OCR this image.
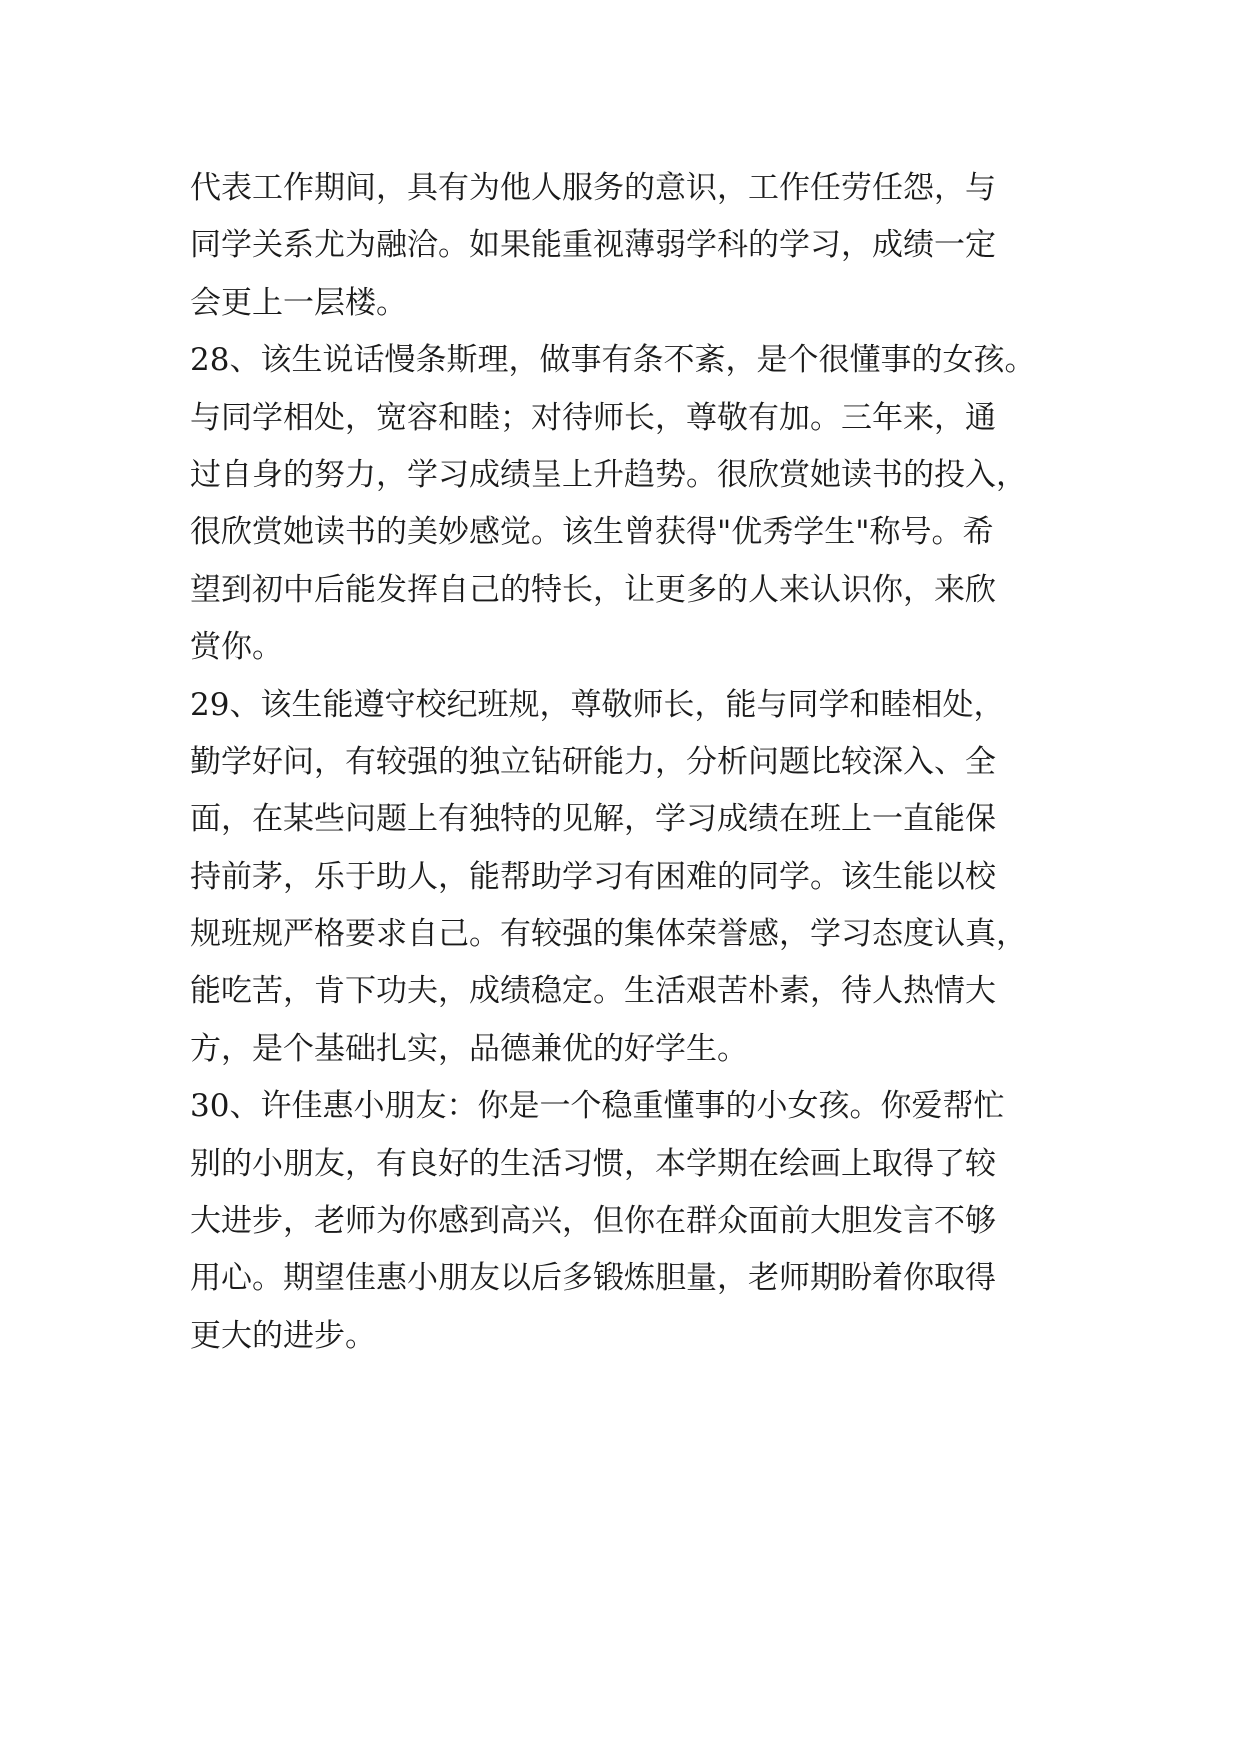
代表工作期间，具有为他人服务的意识，工作任劳任怨，与
同学关系尤为融洽。如果能重视薄弱学科的学习，成绩一定
会更上一层楼。
28、该生说话慢条斯理，做事有条不紊，是个很懂事的女孩。
与同学相处，宽容和睦；对待师长，尊敬有加。三年来，通
过自身的努力，学习成绩呈上升趋势。很欣赏她读书的投入，
很欣赏她读书的美妙感觉。该生曾获得"优秀学生"称号。希
望到初中后能发挥自己的特长，让更多的人来认识你，来欣
赏你。
29、该生能遵守校纪班规，尊敬师长，能与同学和睦相处，
勤学好问，有较强的独立钻研能力，分析问题比较深入、全
面，在某些问题上有独特的见解，学习成绩在班上一直能保
持前茅，乐于助人，能帮助学习有困难的同学。该生能以校
规班规严格要求自己。有较强的集体荣誉感，学习态度认真，
能吃苦，肯下功夫，成绩稳定。生活艰苦朴素，待人热情大
方，是个基础扎实，品德兼优的好学生。
30、许佳惠小朋友：你是一个稳重懂事的小女孩。你爱帮忙
别的小朋友，有良好的生活习惯，本学期在绘画上取得了较
大进步，老师为你感到高兴，但你在群众面前大胆发言不够
用心。期望佳惠小朋友以后多锻炼胆量，老师期盼着你取得
更大的进步。
